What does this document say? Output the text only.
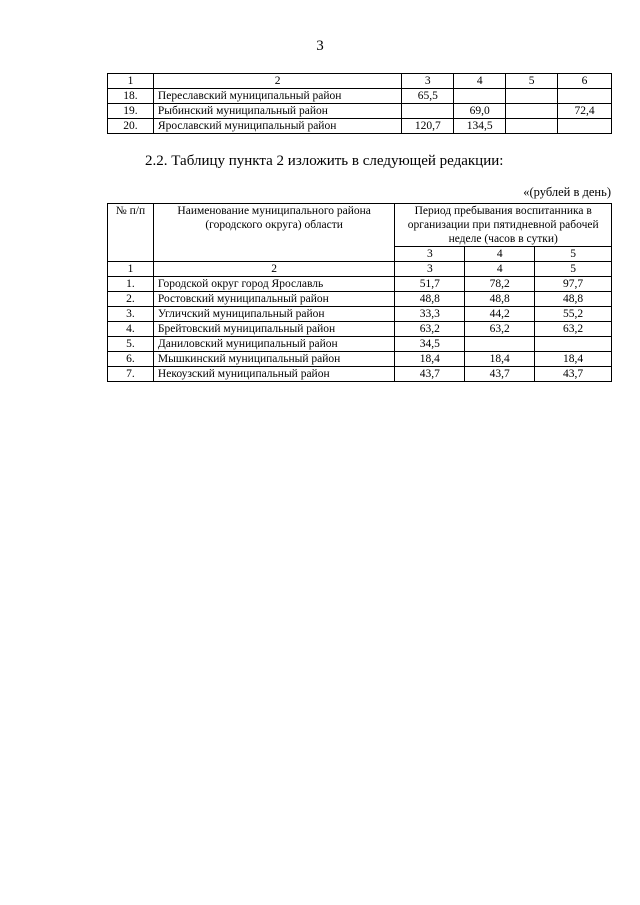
3
1	2	3	4	5	6
18.	Переславский муниципальный район	65,5			
19.	Рыбинский муниципальный район		69,0		72,4
20.	Ярославский муниципальный район	120,7	134,5		
2.2. Таблицу пункта 2 изложить в следующей редакции:
«(рублей в день)
№ п/п	Наименование муниципального района (городского округа) области	Период пребывания воспитанника в организации при пятидневной рабочей неделе (часов в сутки)		
		3	4	5
1	2	3	4	5
1.	Городской округ город Ярославль	51,7	78,2	97,7
2.	Ростовский муниципальный район	48,8	48,8	48,8
3.	Угличский муниципальный район	33,3	44,2	55,2
4.	Брейтовский муниципальный район	63,2	63,2	63,2
5.	Даниловский муниципальный район	34,5		
6.	Мышкинский муниципальный район	18,4	18,4	18,4
7.	Некоузский муниципальный район	43,7	43,7	43,7
